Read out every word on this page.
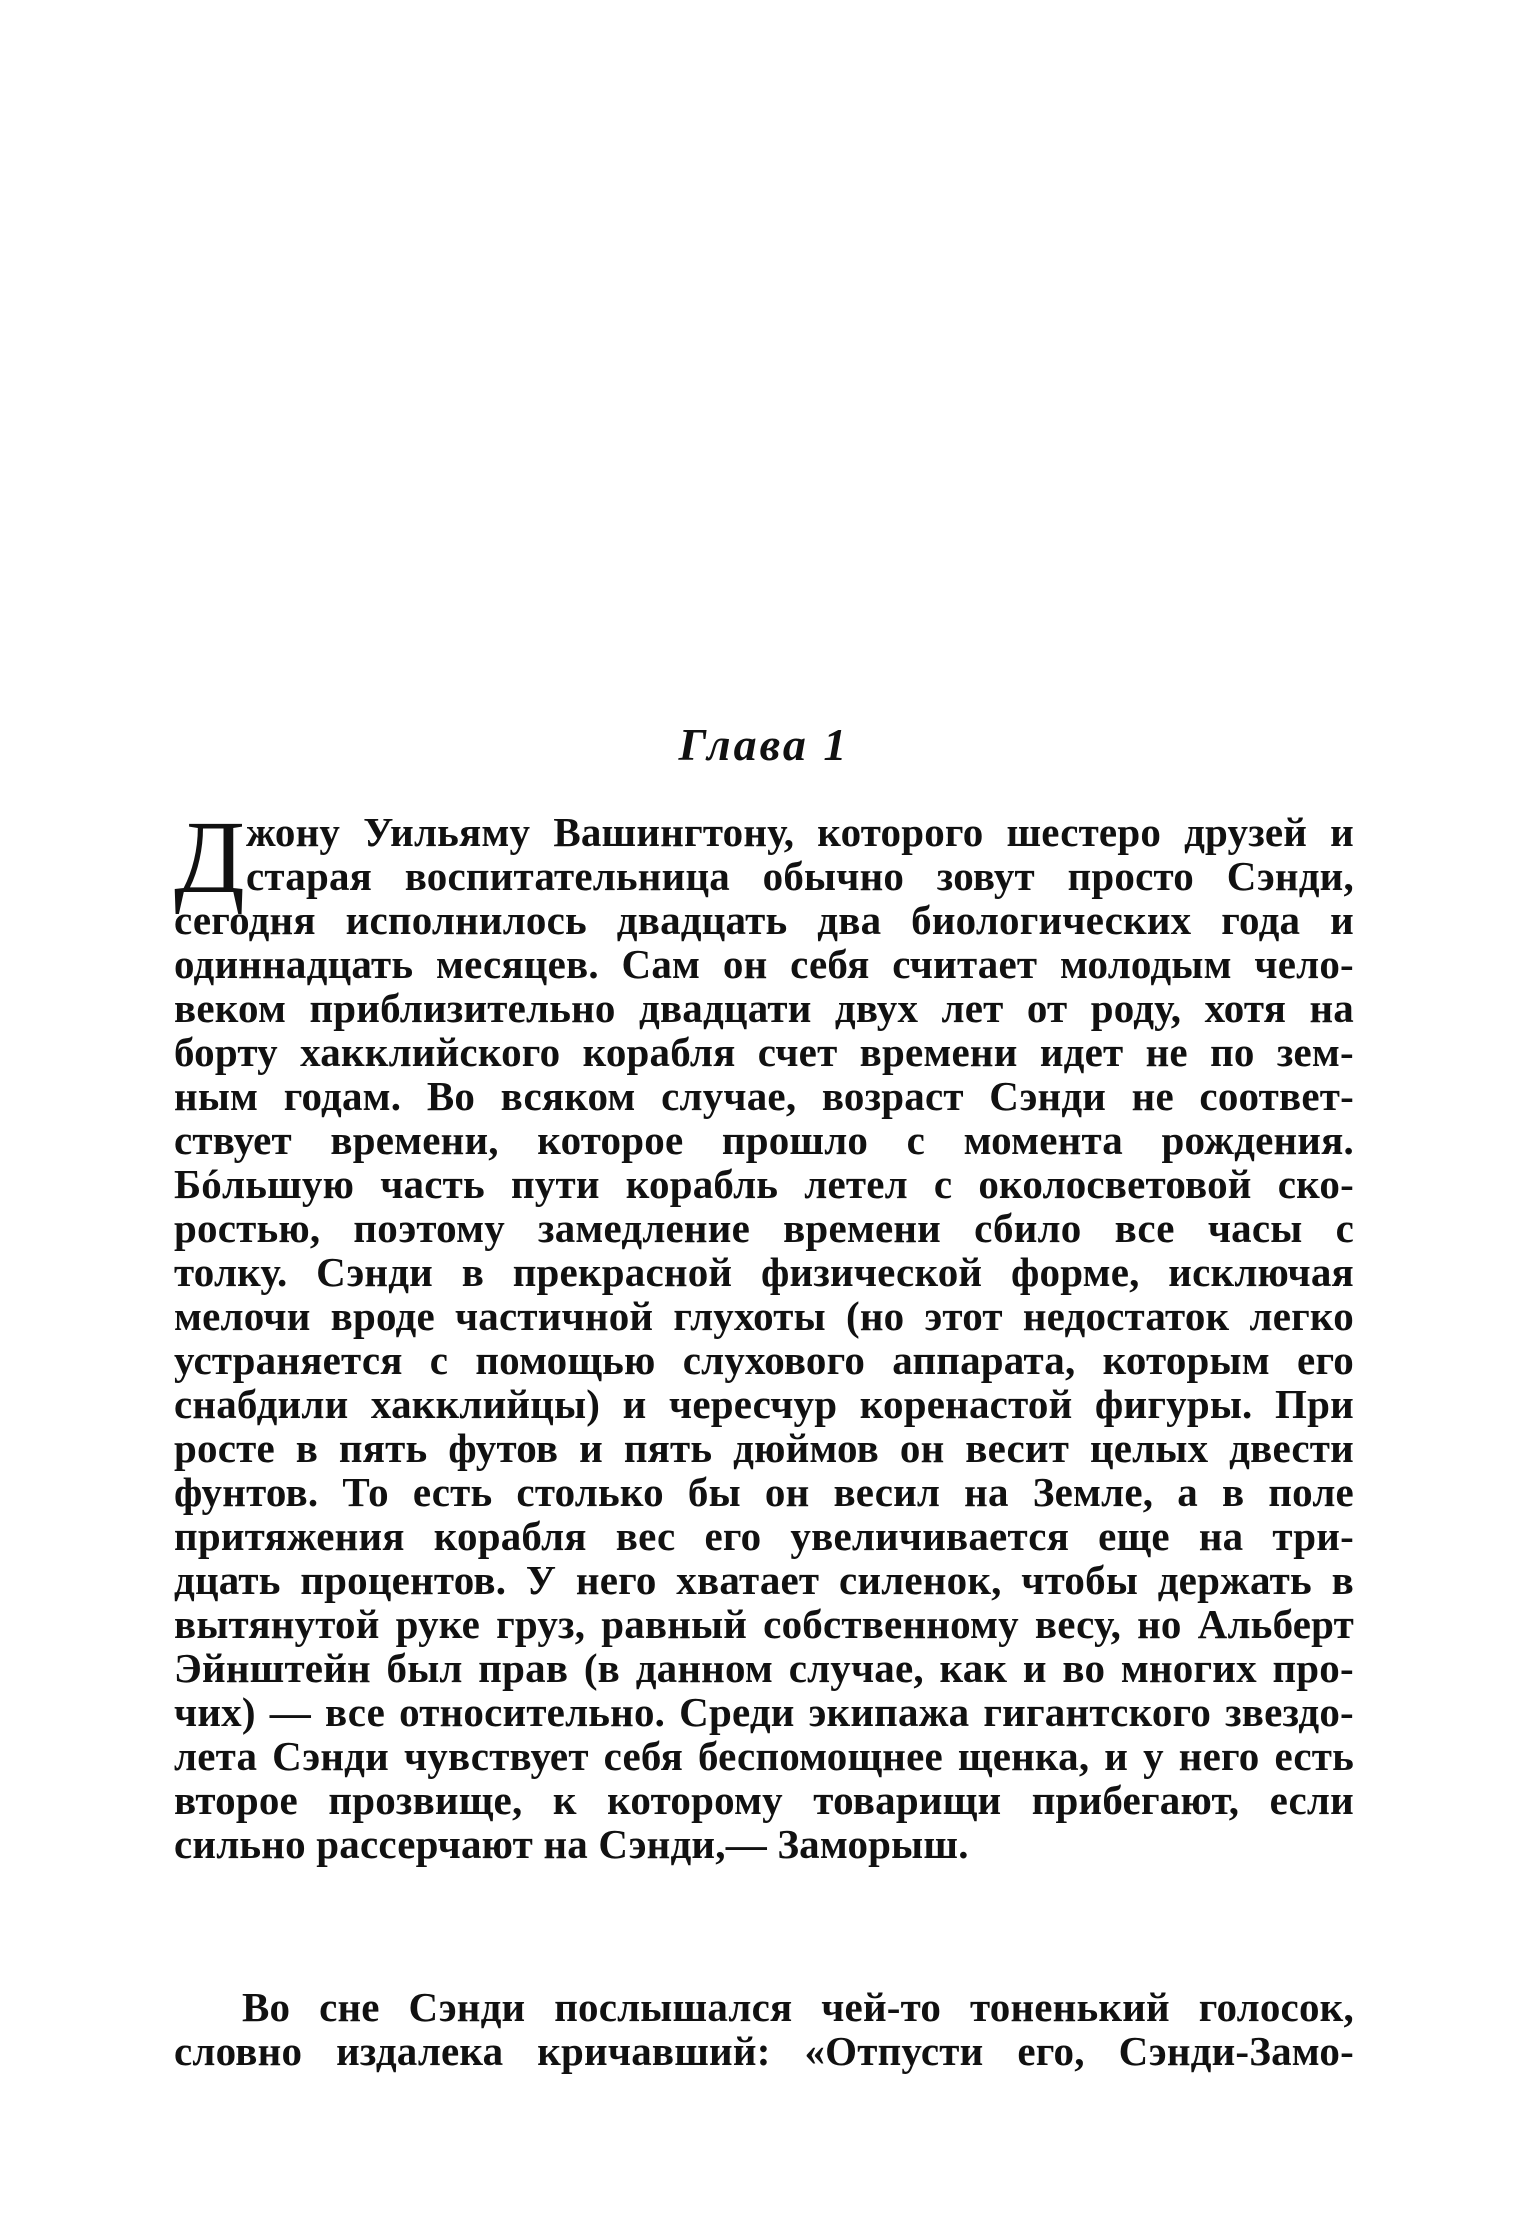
Глава 1
Д жону Уильяму Вашингтону, которого шестеро друзей и
старая воспитательница обычно зовут просто Сэнди,
сегодня исполнилось двадцать два биологических года и
одиннадцать месяцев. Сам он себя считает молодым чело-
веком приблизительно двадцати двух лет от роду, хотя на
борту хакклийского корабля счет времени идет не по зем-
ным годам. Во всяком случае, возраст Сэнди не соответ-
ствует времени, которое прошло с момента рождения.
Бóльшую часть пути корабль летел с околосветовой ско-
ростью, поэтому замедление времени сбило все часы с
толку. Сэнди в прекрасной физической форме, исключая
мелочи вроде частичной глухоты (но этот недостаток легко
устраняется с помощью слухового аппарата, которым его
снабдили хакклийцы) и чересчур коренастой фигуры. При
росте в пять футов и пять дюймов он весит целых двести
фунтов. То есть столько бы он весил на Земле, а в поле
притяжения корабля вес его увеличивается еще на три-
дцать процентов. У него хватает силенок, чтобы держать в
вытянутой руке груз, равный собственному весу, но Альберт
Эйнштейн был прав (в данном случае, как и во многих про-
чих) — все относительно. Среди экипажа гигантского звездо-
лета Сэнди чувствует себя беспомощнее щенка, и у него есть
второе прозвище, к которому товарищи прибегают, если
сильно рассерчают на Сэнди,— Заморыш.
Во сне Сэнди послышался чей-то тоненький голосок,
словно издалека кричавший: «Отпусти его, Сэнди-Замо-
